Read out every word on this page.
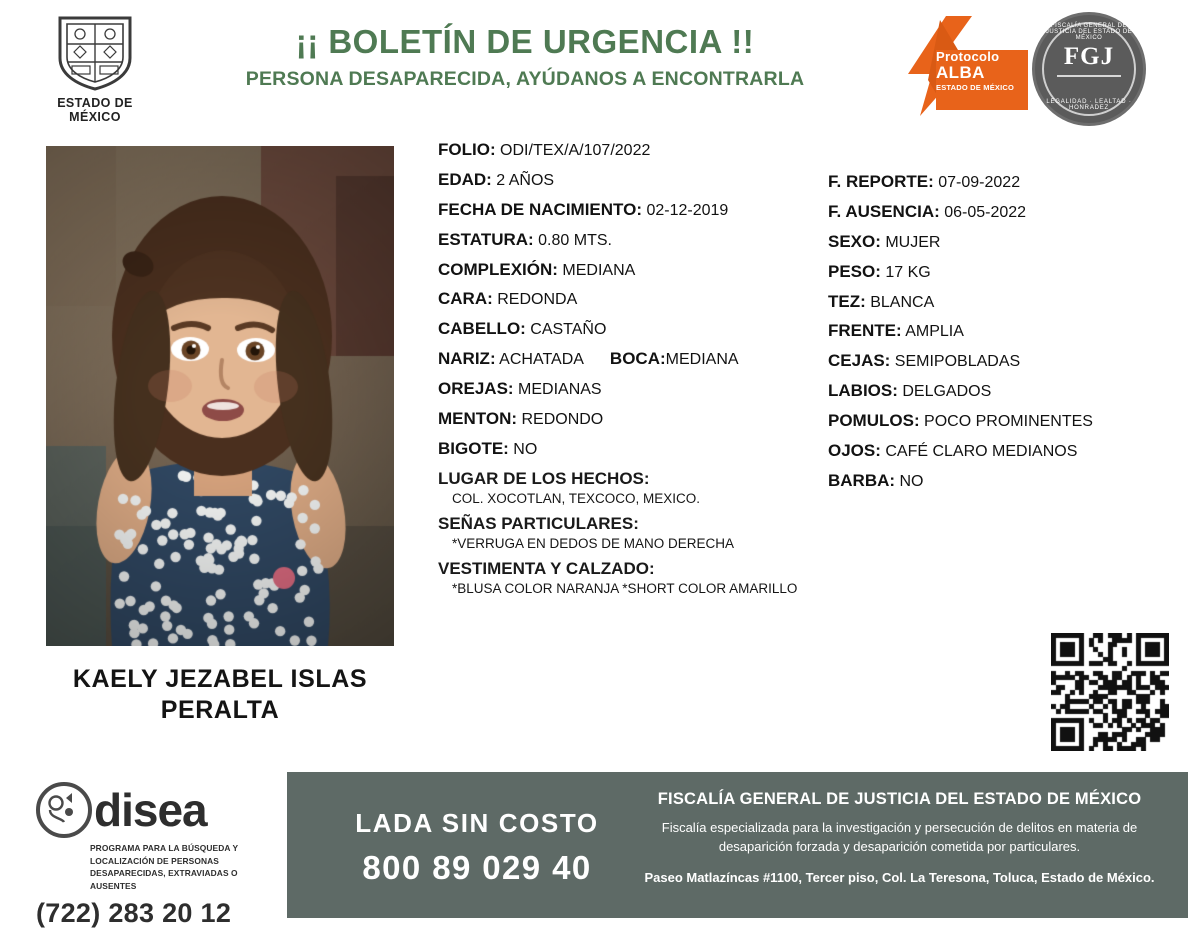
ESTADO DE MÉXICO
¡¡ BOLETÍN DE URGENCIA !!
PERSONA DESAPARECIDA, AYÚDANOS A ENCONTRARLA
Protocolo
ALBA
ESTADO DE MÉXICO
FISCALÍA GENERAL DE JUSTICIA DEL ESTADO DE MÉXICO
FGJ
LEGALIDAD · LEALTAD · HONRADEZ
KAELY JEZABEL ISLAS PERALTA
FOLIO: ODI/TEX/A/107/2022
EDAD: 2 AÑOS
FECHA DE NACIMIENTO: 02-12-2019
ESTATURA: 0.80 MTS.
COMPLEXIÓN: MEDIANA
CARA: REDONDA
CABELLO: CASTAÑO
NARIZ: ACHATADA BOCA:MEDIANA
OREJAS: MEDIANAS
MENTON: REDONDO
BIGOTE: NO
LUGAR DE LOS HECHOS:
COL. XOCOTLAN, TEXCOCO, MEXICO.
SEÑAS PARTICULARES:
*VERRUGA EN DEDOS DE MANO DERECHA
VESTIMENTA Y CALZADO:
*BLUSA COLOR NARANJA *SHORT COLOR AMARILLO
F. REPORTE: 07-09-2022
F. AUSENCIA: 06-05-2022
SEXO: MUJER
PESO: 17 KG
TEZ: BLANCA
FRENTE: AMPLIA
CEJAS: SEMIPOBLADAS
LABIOS: DELGADOS
POMULOS: POCO PROMINENTES
OJOS: CAFÉ CLARO MEDIANOS
BARBA: NO
LADA SIN COSTO
800 89 029 40
FISCALÍA GENERAL DE JUSTICIA DEL ESTADO DE MÉXICO
Fiscalía especializada para la investigación y persecución de delitos en materia de desaparición forzada y desaparición cometida por particulares.
Paseo Matlazíncas #1100, Tercer piso, Col. La Teresona, Toluca, Estado de México.
disea
PROGRAMA PARA LA BÚSQUEDA Y LOCALIZACIÓN DE PERSONAS DESAPARECIDAS, EXTRAVIADAS O AUSENTES
(722) 283 20 12
